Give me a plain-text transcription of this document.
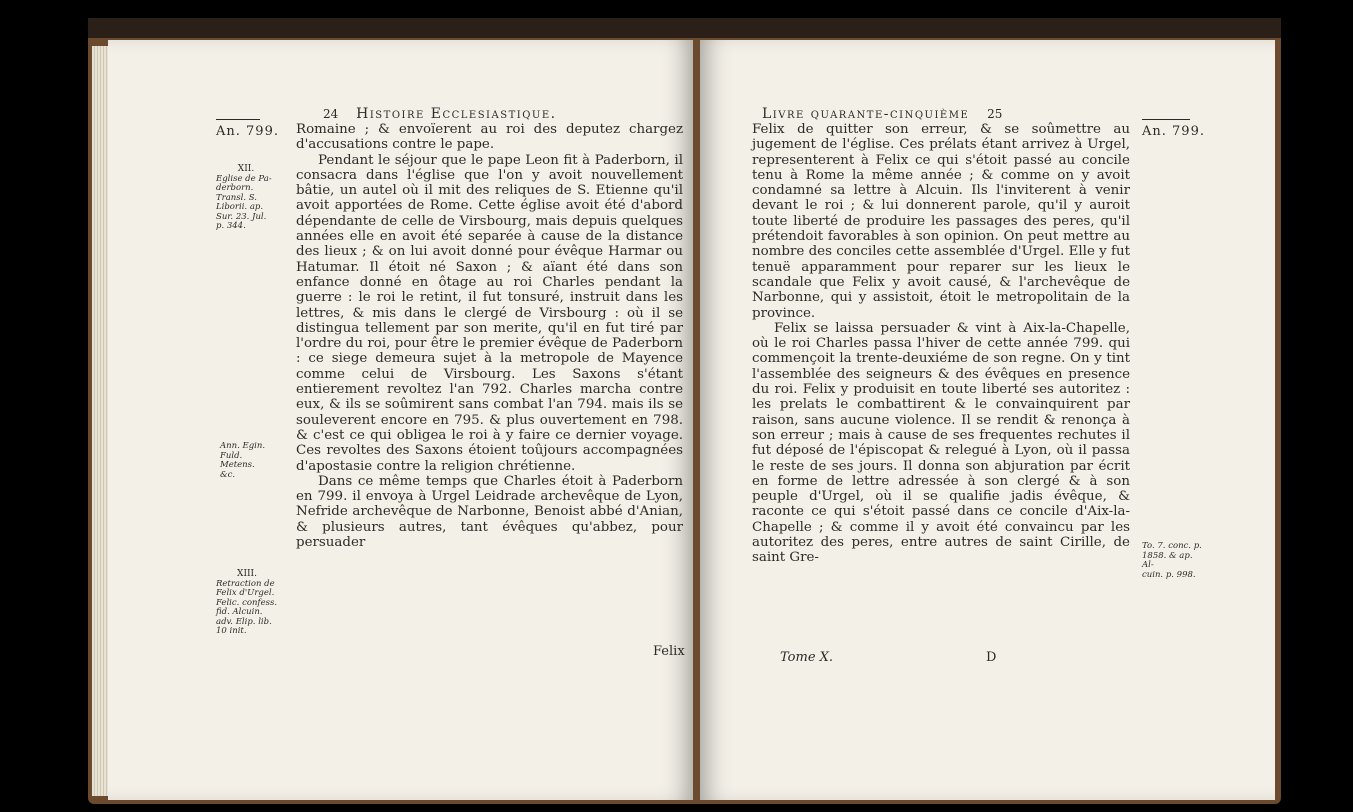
24 Histoire Ecclesiastique.
An. 799.
XII.
Eglise de Pa-
derborn.
Transl. S.
Liborii. ap.
Sur. 23. Jul.
p. 344.
Ann. Egin.
Fuld. Metens.
&c.
XIII.
Retraction de
Felix d'Urgel.
Felic. confess.
fid. Alcuin.
adv. Elip. lib.
10 init.

Romaine ; & envoïerent au roi des deputez chargez d'accusations contre le pape.

Pendant le séjour que le pape Leon fit à Paderborn, il consacra dans l'église que l'on y avoit nouvellement bâtie, un autel où il mit des reliques de S. Etienne qu'il avoit apportées de Rome. Cette église avoit été d'abord dépendante de celle de Virsbourg, mais depuis quelques années elle en avoit été separée à cause de la distance des lieux ; & on lui avoit donné pour évêque Harmar ou Hatumar. Il étoit né Saxon ; & aïant été dans son enfance donné en ôtage au roi Charles pendant la guerre : le roi le retint, il fut tonsuré, instruit dans les lettres, & mis dans le clergé de Virsbourg : où il se distingua tellement par son merite, qu'il en fut tiré par l'ordre du roi, pour être le premier évêque de Paderborn : ce siege demeura sujet à la metropole de Mayence comme celui de Virsbourg. Les Saxons s'étant entierement revoltez l'an 792. Charles marcha contre eux, & ils se soûmirent sans combat l'an 794. mais ils se souleverent encore en 795. & plus ouvertement en 798. & c'est ce qui obligea le roi à y faire ce dernier voyage. Ces revoltes des Saxons étoient toûjours accompagnées d'apostasie contre la religion chrétienne.

Dans ce même temps que Charles étoit à Paderborn en 799. il envoya à Urgel Leidrade archevêque de Lyon, Nefride archevêque de Narbonne, Benoist abbé d'Anian, & plusieurs autres, tant évêques qu'abbez, pour persuader

Felix
Livre quarante-cinquième 25
An. 799.
To. 7. conc. p.
1858. & ap. Al-
cuin. p. 998.

Felix de quitter son erreur, & se soûmettre au jugement de l'église. Ces prélats étant arrivez à Urgel, representerent à Felix ce qui s'étoit passé au concile tenu à Rome la même année ; & comme on y avoit condamné sa lettre à Alcuin. Ils l'inviterent à venir devant le roi ; & lui donnerent parole, qu'il y auroit toute liberté de produire les passages des peres, qu'il prétendoit favorables à son opinion. On peut mettre au nombre des conciles cette assemblée d'Urgel. Elle y fut tenuë apparamment pour reparer sur les lieux le scandale que Felix y avoit causé, & l'archevêque de Narbonne, qui y assistoit, étoit le metropolitain de la province.

Felix se laissa persuader & vint à Aix-la-Chapelle, où le roi Charles passa l'hiver de cette année 799. qui commençoit la trente-deuxiéme de son regne. On y tint l'assemblée des seigneurs & des évêques en presence du roi. Felix y produisit en toute liberté ses autoritez : les prelats le combattirent & le convainquirent par raison, sans aucune violence. Il se rendit & renonça à son erreur ; mais à cause de ses frequentes rechutes il fut déposé de l'épiscopat & relegué à Lyon, où il passa le reste de ses jours. Il donna son abjuration par écrit en forme de lettre adressée à son clergé & à son peuple d'Urgel, où il se qualifie jadis évêque, & raconte ce qui s'étoit passé dans ce concile d'Aix-la-Chapelle ; & comme il y avoit été convaincu par les autoritez des peres, entre autres de saint Cirille, de saint Gre-

Tome X.	D
